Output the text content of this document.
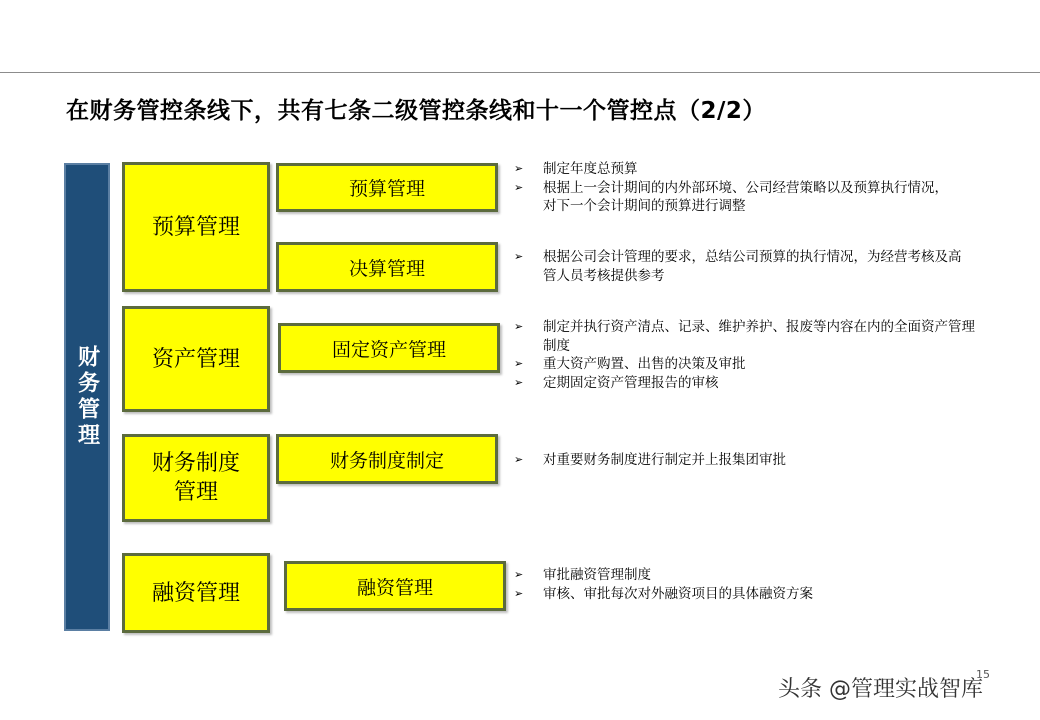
在财务管控条线下，共有七条二级管控条线和十一个管控点（2/2）
财务管理
预算管理
资产管理
财务制度管理
融资管理
预算管理
决算管理
固定资产管理
财务制度制定
融资管理
➢ 制定年度总预算
➢ 根据上一会计期间的内外部环境、公司经营策略以及预算执行情况，对下一个会计期间的预算进行调整
➢ 根据公司会计管理的要求，总结公司预算的执行情况，为经营考核及高管人员考核提供参考
➢ 制定并执行资产清点、记录、维护养护、报废等内容在内的全面资产管理制度
➢ 重大资产购置、出售的决策及审批
➢ 定期固定资产管理报告的审核
➢ 对重要财务制度进行制定并上报集团审批
➢ 审批融资管理制度
➢ 审核、审批每次对外融资项目的具体融资方案
15
头条 @管理实战智库
